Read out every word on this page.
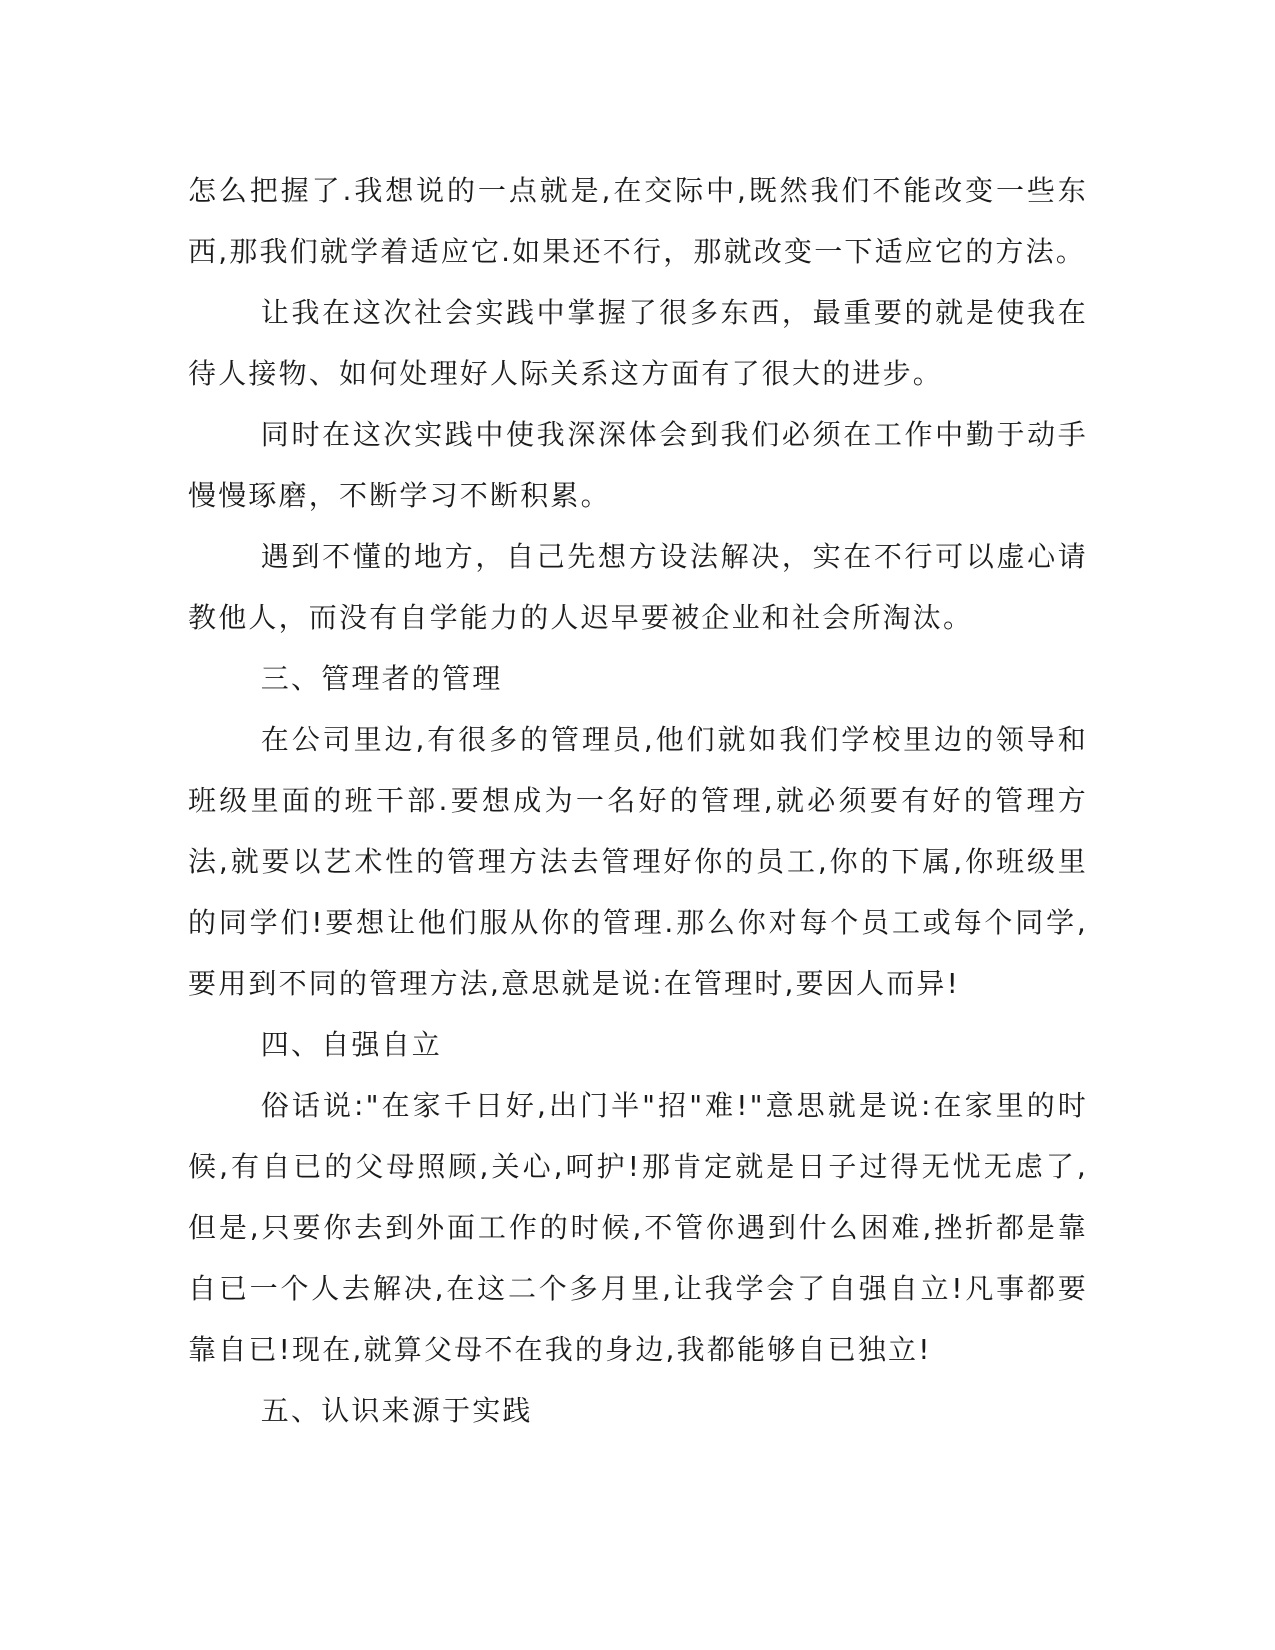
怎么把握了.我想说的一点就是,在交际中,既然我们不能改变一些东西,那我们就学着适应它.如果还不行，那就改变一下适应它的方法。

让我在这次社会实践中掌握了很多东西，最重要的就是使我在待人接物、如何处理好人际关系这方面有了很大的进步。

同时在这次实践中使我深深体会到我们必须在工作中勤于动手慢慢琢磨，不断学习不断积累。

遇到不懂的地方，自己先想方设法解决，实在不行可以虚心请教他人，而没有自学能力的人迟早要被企业和社会所淘汰。

三、管理者的管理

在公司里边,有很多的管理员,他们就如我们学校里边的领导和班级里面的班干部.要想成为一名好的管理,就必须要有好的管理方法,就要以艺术性的管理方法去管理好你的员工,你的下属,你班级里的同学们!要想让他们服从你的管理.那么你对每个员工或每个同学,要用到不同的管理方法,意思就是说:在管理时,要因人而异!

四、自强自立

俗话说:"在家千日好,出门半"招"难!"意思就是说:在家里的时候,有自已的父母照顾,关心,呵护!那肯定就是日子过得无忧无虑了,但是,只要你去到外面工作的时候,不管你遇到什么困难,挫折都是靠自已一个人去解决,在这二个多月里,让我学会了自强自立!凡事都要靠自已!现在,就算父母不在我的身边,我都能够自已独立!

五、认识来源于实践
